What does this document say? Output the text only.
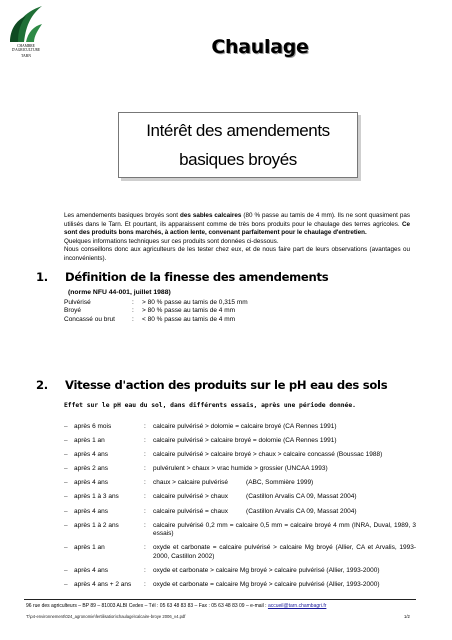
CHAMBRE
D'AGRICULTURE
TARN	Chaulage
Intérêt des amendements
basiques broyés

Les amendements basiques broyés sont des sables calcaires (80 % passe au tamis de 4 mm). Ils ne sont quasiment pas utilisés dans le Tarn. Et pourtant, ils apparaissent comme de très bons produits pour le chaulage des terres agricoles. Ce sont des produits bons marchés, à action lente, convenant parfaitement pour le chaulage d'entretien.

Quelques informations techniques sur ces produits sont données ci-dessous.

Nous conseillons donc aux agriculteurs de les tester chez eux, et de nous faire part de leurs observations (avantages ou inconvénients).

1. Définition de la finesse des amendements
(norme NFU 44-001, juillet 1988)
Pulvérisé	:	> 80 % passe au tamis de 0,315 mm
Broyé	:	> 80 % passe au tamis de 4 mm
Concassé ou brut	:	< 80 % passe au tamis de 4 mm
2. Vitesse d'action des produits sur le pH eau des sols
Effet sur le pH eau du sol, dans différents essais, après une période donnée.
– après 6 mois	:	calcaire pulvérisé > dolomie = calcaire broyé (CA Rennes 1991)
– après 1 an	:	calcaire pulvérisé > calcaire broyé = dolomie (CA Rennes 1991)
– après 4 ans	:	calcaire pulvérisé > calcaire broyé > chaux > calcaire concassé (Boussac 1988)
– après 2 ans	:	pulvérulent > chaux > vrac humide > grossier (UNCAA 1993)
– après 4 ans	:	chaux > calcaire pulvérisé          (ABC, Sommière 1999)
– après 1 à 3 ans	:	calcaire pulvérisé > chaux          (Castillon Arvalis CA 09, Massat 2004)
– après 4 ans	:	calcaire pulvérisé = chaux          (Castillon Arvalis CA 09, Massat 2004)
– après 1 à 2 ans	:	calcaire pulvérisé 0,2 mm = calcaire 0,5 mm = calcaire broyé 4 mm (INRA, Duval, 1989, 3 essais)
– après 1 an	:	oxyde et carbonate = calcaire pulvérisé > calcaire Mg broyé (Allier, CA et Arvalis, 1993-2000, Castillon 2002)
– après 4 ans	:	oxyde et carbonate > calcaire Mg broyé > calcaire pulvérisé (Allier, 1993-2000)
– après 4 ans + 2 ans	:	oxyde et carbonate = calcaire Mg broyé > calcaire pulvérisé (Allier, 1993-2000)
96 rue des agriculteurs – BP 89 – 81003 ALBI Cedex – Tél : 05 63 48 83 83 – Fax : 05 63 48 83 09 – e-mail : accueil@tarn.chambagri.fr
T:\p4-environnement\024_agronomie\fertilisation\chaulage\calcaire-broye 2006_v4.pdf	1/2
